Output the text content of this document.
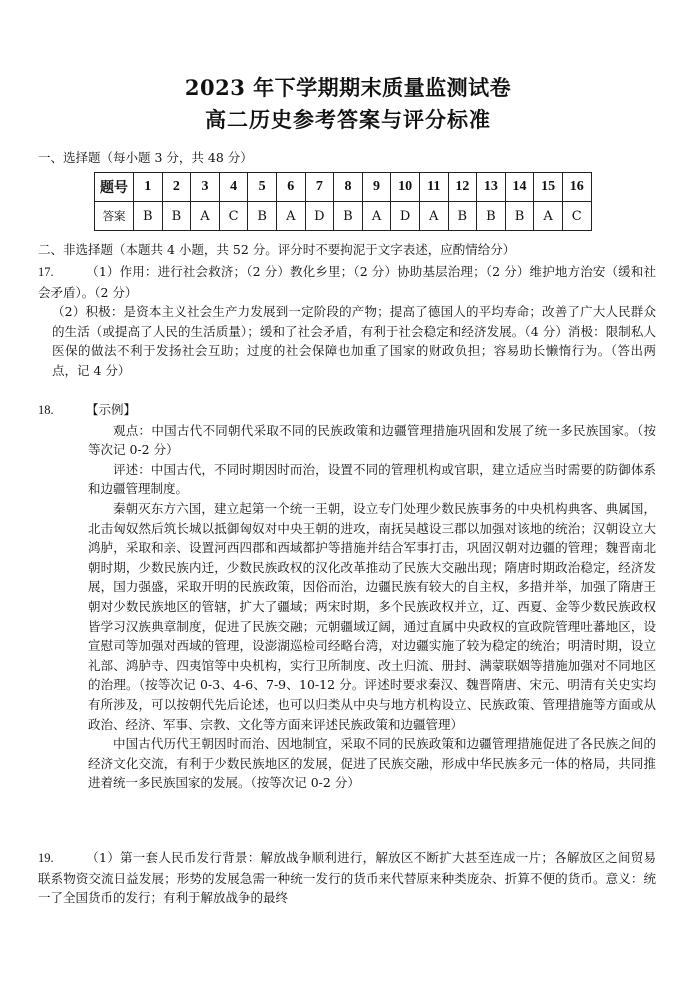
2023 年下学期期末质量监测试卷
高二历史参考答案与评分标准
一、选择题（每小题 3 分，共 48 分）
题号	1	2	3	4	5	6	7	8	9	10	11	12	13	14	15	16
答案	B	B	A	C	B	A	D	B	A	D	A	B	B	B	A	C
二、非选择题（本题共 4 小题，共 52 分。评分时不要拘泥于文字表述，应酌情给分）

17.	（1）作用：进行社会救济；（2 分）教化乡里；（2 分）协助基层治理；（2 分）维护地方治安（缓和社会矛盾）。（2 分）

（2）积极：是资本主义社会生产力发展到一定阶段的产物；提高了德国人的平均寿命；改善了广大人民群众的生活（或提高了人民的生活质量）；缓和了社会矛盾，有利于社会稳定和经济发展。（4 分）消极：限制私人医保的做法不利于发扬社会互助；过度的社会保障也加重了国家的财政负担；容易助长懒惰行为。（答出两点，记 4 分）

18.	【示例】

观点：中国古代不同朝代采取不同的民族政策和边疆管理措施巩固和发展了统一多民族国家。（按等次记 0-2 分）

评述：中国古代，不同时期因时而治，设置不同的管理机构或官职，建立适应当时需要的防御体系和边疆管理制度。

秦朝灭东方六国，建立起第一个统一王朝，设立专门处理少数民族事务的中央机构典客、典属国，北击匈奴然后筑长城以抵御匈奴对中央王朝的进攻，南抚吴越设三郡以加强对该地的统治；汉朝设立大鸿胪，采取和亲、设置河西四郡和西域都护等措施并结合军事打击，巩固汉朝对边疆的管理；魏晋南北朝时期，少数民族内迁，少数民族政权的汉化改革推动了民族大交融出现；隋唐时期政治稳定，经济发展，国力强盛，采取开明的民族政策，因俗而治，边疆民族有较大的自主权，多措并举，加强了隋唐王朝对少数民族地区的管辖，扩大了疆域；两宋时期，多个民族政权并立，辽、西夏、金等少数民族政权皆学习汉族典章制度，促进了民族交融；元朝疆域辽阔，通过直属中央政权的宣政院管理吐蕃地区，设宣慰司等加强对西域的管理，设澎湖巡检司经略台湾，对边疆实施了较为稳定的统治；明清时期，设立礼部、鸿胪寺、四夷馆等中央机构，实行卫所制度、改土归流、册封、满蒙联姻等措施加强对不同地区的治理。（按等次记 0-3、4-6、7-9、10-12 分。评述时要求秦汉、魏晋隋唐、宋元、明清有关史实均有所涉及，可以按朝代先后论述，也可以归类从中央与地方机构设立、民族政策、管理措施等方面或从政治、经济、军事、宗教、文化等方面来评述民族政策和边疆管理）

中国古代历代王朝因时而治、因地制宜，采取不同的民族政策和边疆管理措施促进了各民族之间的经济文化交流，有利于少数民族地区的发展，促进了民族交融，形成中华民族多元一体的格局，共同推进着统一多民族国家的发展。（按等次记 0-2 分）

19.	（1）第一套人民币发行背景：解放战争顺利进行，解放区不断扩大甚至连成一片；各解放区之间贸易联系物资交流日益发展；形势的发展急需一种统一发行的货币来代替原来种类庞杂、折算不便的货币。意义：统一了全国货币的发行；有利于解放战争的最终
